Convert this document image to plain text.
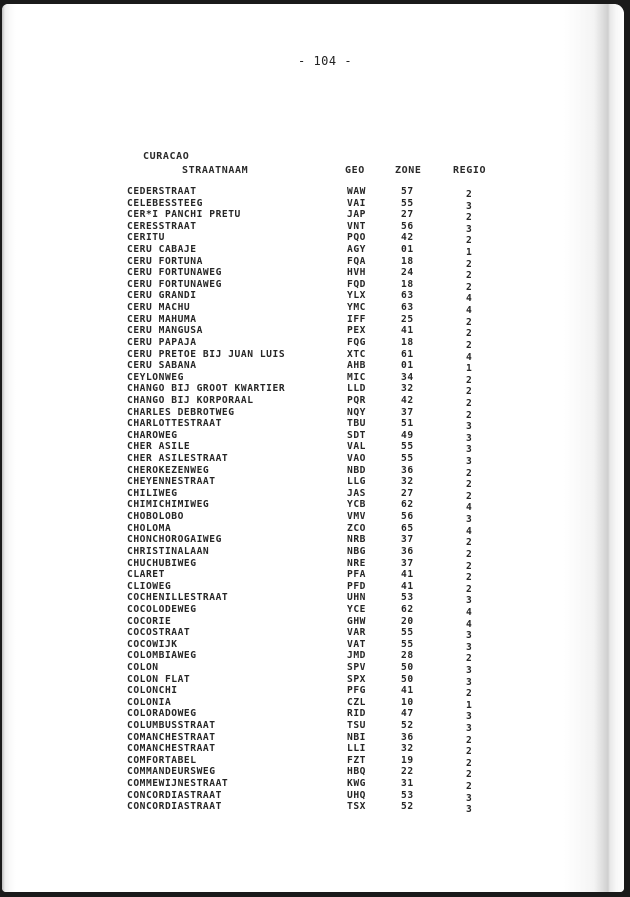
- 104 -
CURACAO
STRAATNAAM	GEO	ZONE	REGIO
CEDERSTRAAT	WAW	57	2
CELEBESSTEEG	VAI	55	3
CER*I PANCHI PRETU	JAP	27	2
CERESSTRAAT	VNT	56	3
CERITU	PQO	42	2
CERU CABAJE	AGY	01	1
CERU FORTUNA	FQA	18	2
CERU FORTUNAWEG	HVH	24	2
CERU FORTUNAWEG	FQD	18	2
CERU GRANDI	YLX	63	4
CERU MACHU	YMC	63	4
CERU MAHUMA	IFF	25	2
CERU MANGUSA	PEX	41	2
CERU PAPAJA	FQG	18	2
CERU PRETOE BIJ JUAN LUIS	XTC	61	4
CERU SABANA	AHB	01	1
CEYLONWEG	MIC	34	2
CHANGO BIJ GROOT KWARTIER	LLD	32	2
CHANGO BIJ KORPORAAL	PQR	42	2
CHARLES DEBROTWEG	NQY	37	2
CHARLOTTESTRAAT	TBU	51	3
CHAROWEG	SDT	49	3
CHER ASILE	VAL	55	3
CHER ASILESTRAAT	VAO	55	3
CHEROKEZENWEG	NBD	36	2
CHEYENNESTRAAT	LLG	32	2
CHILIWEG	JAS	27	2
CHIMICHIMIWEG	YCB	62	4
CHOBOLOBO	VMV	56	3
CHOLOMA	ZCO	65	4
CHONCHOROGAIWEG	NRB	37	2
CHRISTINALAAN	NBG	36	2
CHUCHUBIWEG	NRE	37	2
CLARET	PFA	41	2
CLIOWEG	PFD	41	2
COCHENILLESTRAAT	UHN	53	3
COCOLODEWEG	YCE	62	4
COCORIE	GHW	20	4
COCOSTRAAT	VAR	55	3
COCOWIJK	VAT	55	3
COLOMBIAWEG	JMD	28	2
COLON	SPV	50	3
COLON FLAT	SPX	50	3
COLONCHI	PFG	41	2
COLONIA	CZL	10	1
COLORADOWEG	RID	47	3
COLUMBUSSTRAAT	TSU	52	3
COMANCHESTRAAT	NBI	36	2
COMANCHESTRAAT	LLI	32	2
COMFORTABEL	FZT	19	2
COMMANDEURSWEG	HBQ	22	2
COMMEWIJNESTRAAT	KWG	31	2
CONCORDIASTRAAT	UHQ	53	3
CONCORDIASTRAAT	TSX	52	3
